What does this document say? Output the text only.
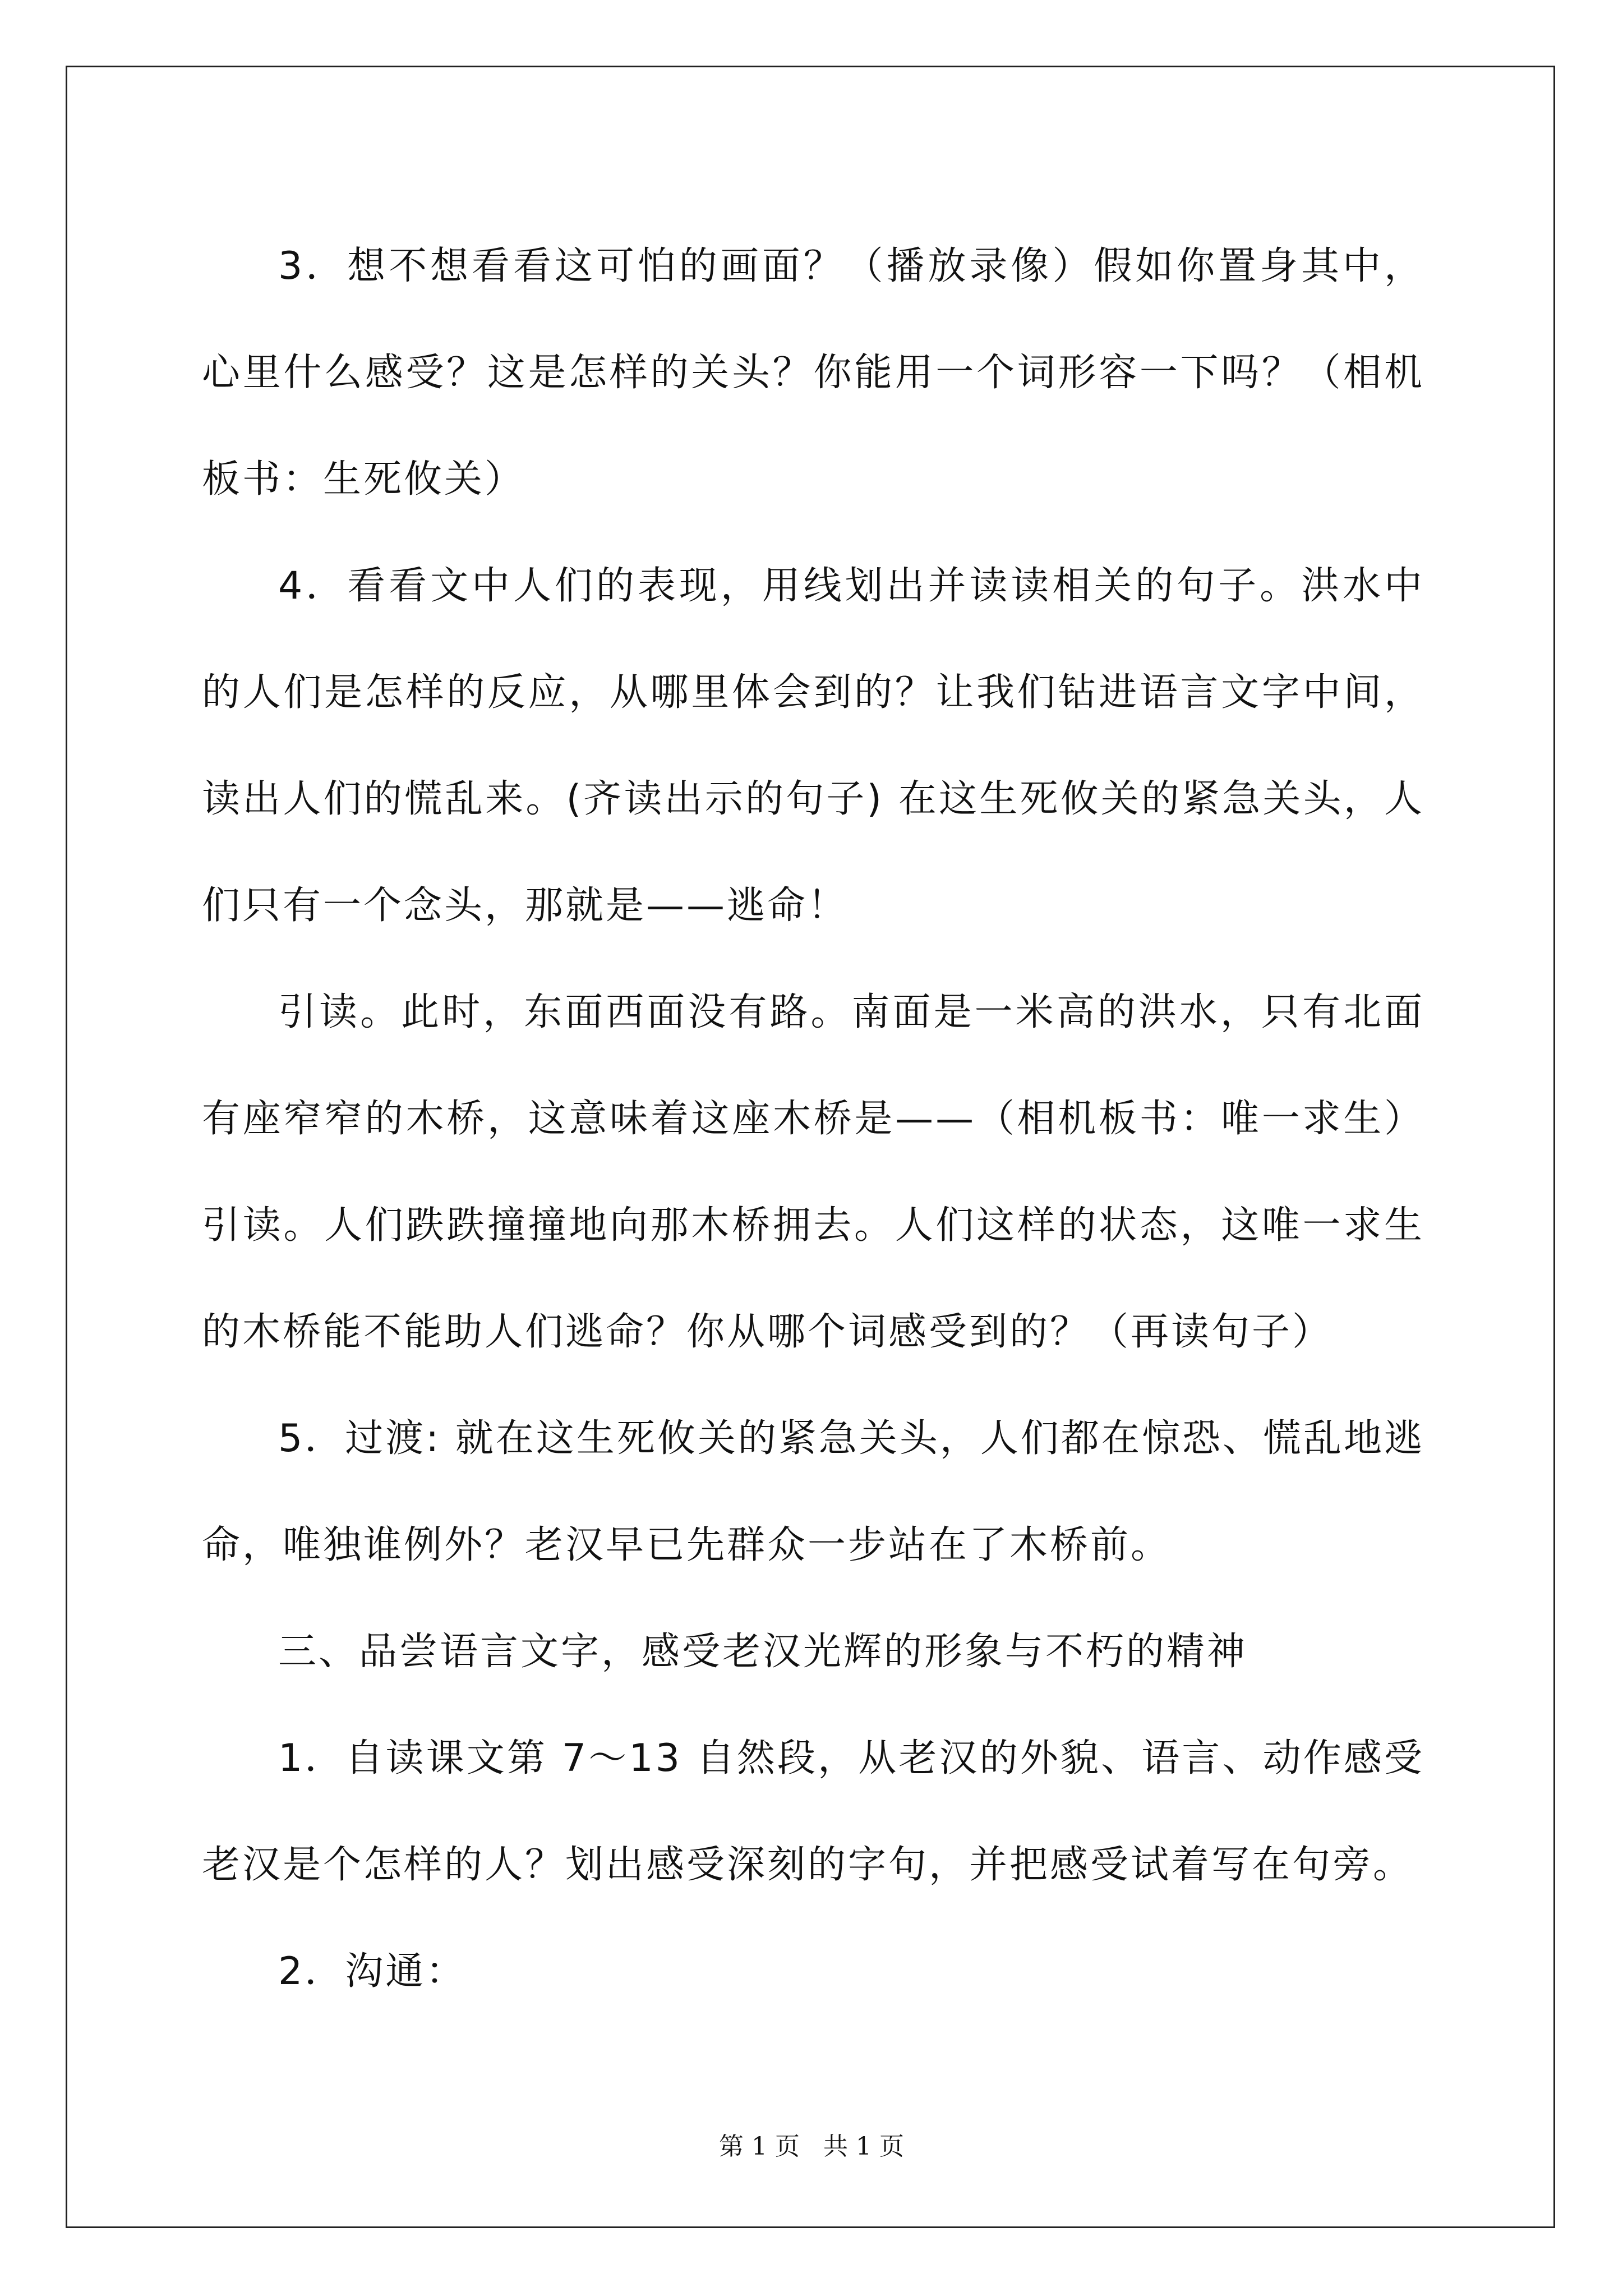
3．想不想看看这可怕的画面？（播放录像）假如你置身其中，心里什么感受？这是怎样的关头？你能用一个词形容一下吗？（相机板书：生死攸关）

4．看看文中人们的表现，用线划出并读读相关的句子。洪水中的人们是怎样的反应，从哪里体会到的？让我们钻进语言文字中间，读出人们的慌乱来。(齐读出示的句子) 在这生死攸关的紧急关头，人们只有一个念头，那就是——逃命！

引读。此时，东面西面没有路。南面是一米高的洪水，只有北面有座窄窄的木桥，这意味着这座木桥是——（相机板书：唯一求生）引读。人们跌跌撞撞地向那木桥拥去。人们这样的状态，这唯一求生的木桥能不能助人们逃命？你从哪个词感受到的？（再读句子）

5．过渡: 就在这生死攸关的紧急关头，人们都在惊恐、慌乱地逃命，唯独谁例外？老汉早已先群众一步站在了木桥前。

三、品尝语言文字，感受老汉光辉的形象与不朽的精神

1．自读课文第 7～13 自然段，从老汉的外貌、语言、动作感受老汉是个怎样的人？划出感受深刻的字句，并把感受试着写在句旁。

2．沟通：

第 1 页 共 1 页
